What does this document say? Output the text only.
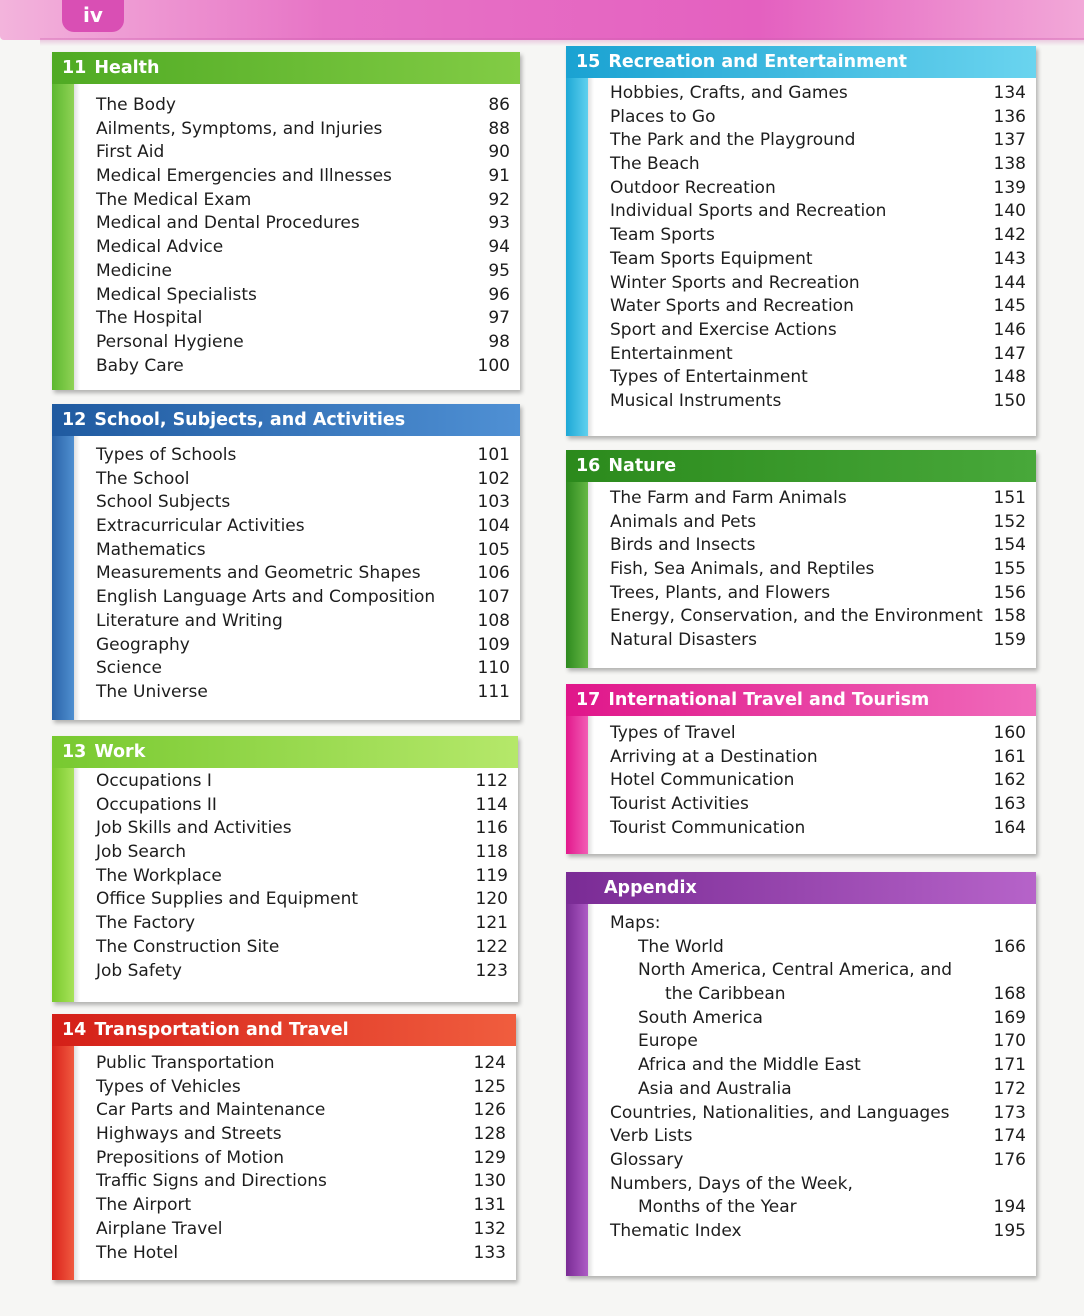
iv
11 Health
The Body	86
Ailments, Symptoms, and Injuries	88
First Aid	90
Medical Emergencies and Illnesses	91
The Medical Exam	92
Medical and Dental Procedures	93
Medical Advice	94
Medicine	95
Medical Specialists	96
The Hospital	97
Personal Hygiene	98
Baby Care	100
12 School, Subjects, and Activities
Types of Schools	101
The School	102
School Subjects	103
Extracurricular Activities	104
Mathematics	105
Measurements and Geometric Shapes	106
English Language Arts and Composition 107
Literature and Writing	108
Geography	109
Science	110
The Universe	111
13 Work
Occupations I	112
Occupations II	114
Job Skills and Activities	116
Job Search	118
The Workplace	119
Office Supplies and Equipment	120
The Factory	121
The Construction Site	122
Job Safety	123
14 Transportation and Travel
Public Transportation	124
Types of Vehicles	125
Car Parts and Maintenance	126
Highways and Streets	128
Prepositions of Motion	129
Traffic Signs and Directions	130
The Airport	131
Airplane Travel	132
The Hotel	133
15 Recreation and Entertainment
Hobbies, Crafts, and Games	134
Places to Go	136
The Park and the Playground	137
The Beach	138
Outdoor Recreation	139
Individual Sports and Recreation	140
Team Sports	142
Team Sports Equipment	143
Winter Sports and Recreation	144
Water Sports and Recreation	145
Sport and Exercise Actions	146
Entertainment	147
Types of Entertainment	148
Musical Instruments	150
16 Nature
The Farm and Farm Animals	151
Animals and Pets	152
Birds and Insects	154
Fish, Sea Animals, and Reptiles	155
Trees, Plants, and Flowers	156
Energy, Conservation, and the Environment 158
Natural Disasters	159
17 International Travel and Tourism
Types of Travel	160
Arriving at a Destination	161
Hotel Communication	162
Tourist Activities	163
Tourist Communication	164
Appendix
Maps:
The World	166
North America, Central America, and
the Caribbean	168
South America	169
Europe	170
Africa and the Middle East	171
Asia and Australia	172
Countries, Nationalities, and Languages	173
Verb Lists	174
Glossary	176
Numbers, Days of the Week,
Months of the Year	194
Thematic Index	195
